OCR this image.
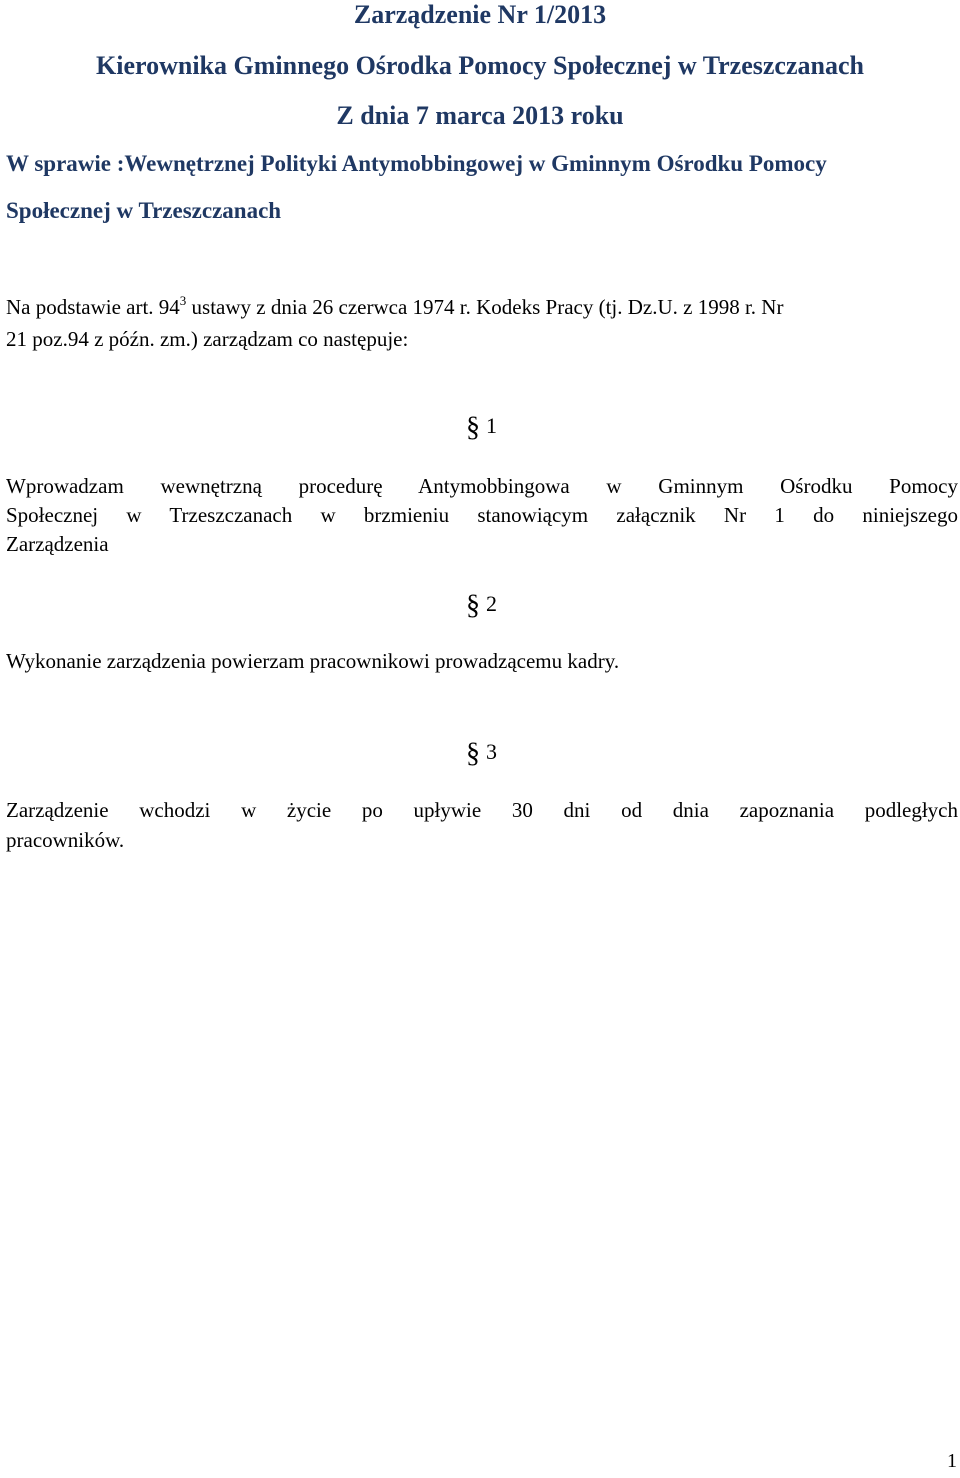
Zarządzenie Nr 1/2013

Kierownika Gminnego Ośrodka Pomocy Społecznej w Trzeszczanach

Z dnia 7 marca 2013 roku

W sprawie :Wewnętrznej Polityki Antymobbingowej w Gminnym Ośrodku Pomocy

Społecznej w Trzeszczanach

Na podstawie art. $94^3$ ustawy z dnia 26 czerwca 1974 r. Kodeks Pracy (tj. Dz.U. z 1998 r. Nr

21 poz.94 z późn. zm.) zarządzam co następuje:

§ 1

Wprowadzam wewnętrzną procedurę Antymobbingowa w Gminnym Ośrodku Pomocy

Społecznej w Trzeszczanach w brzmieniu stanowiącym załącznik Nr 1 do niniejszego

Zarządzenia

§ 2

Wykonanie zarządzenia powierzam pracownikowi prowadzącemu kadry.

§ 3

Zarządzenie wchodzi w życie po upływie 30 dni od dnia zapoznania podległych

pracowników.

1
